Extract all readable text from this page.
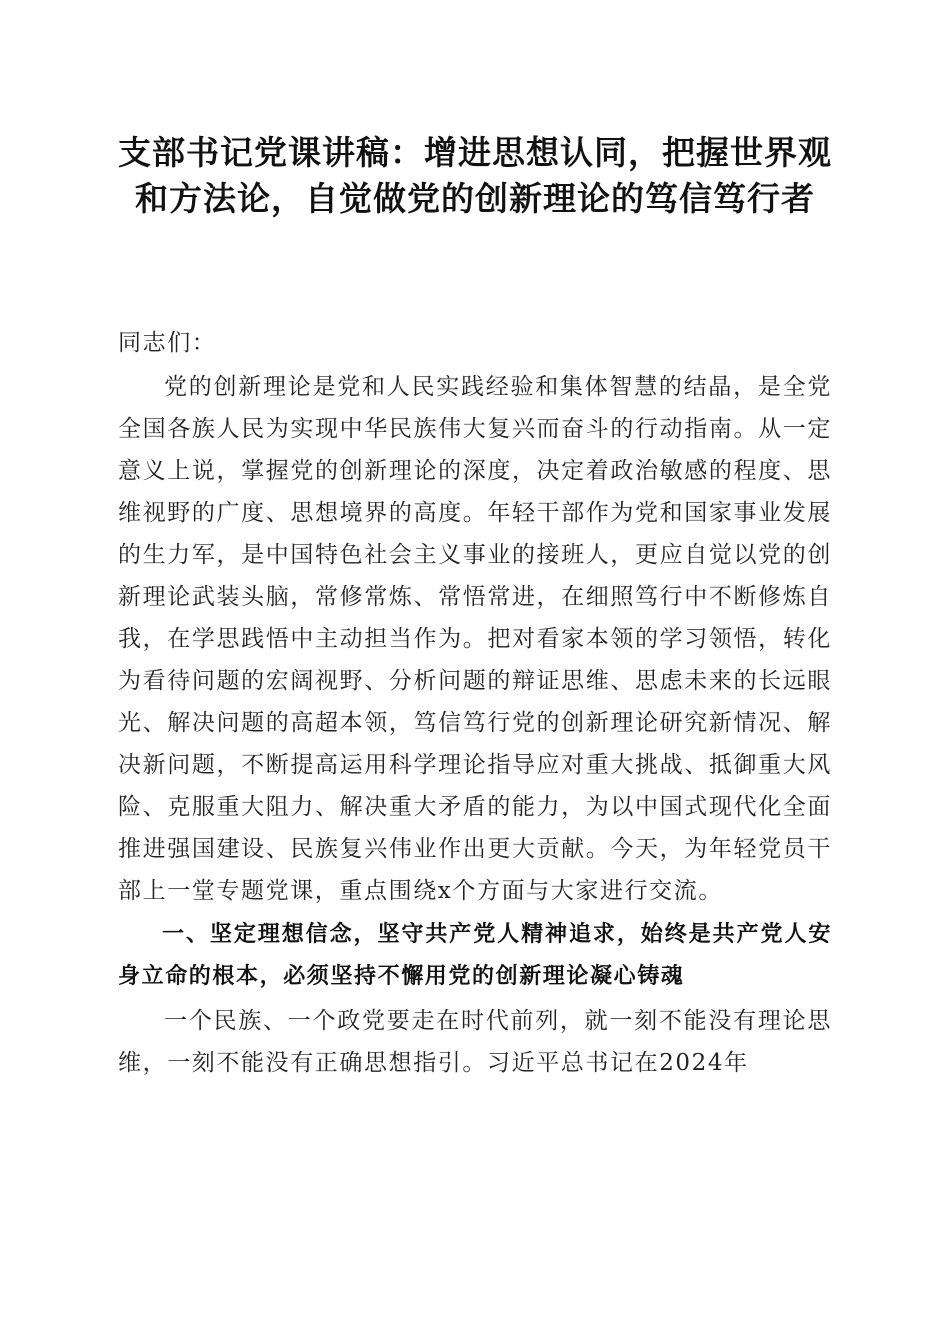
支部书记党课讲稿：增进思想认同，把握世界观和方法论，自觉做党的创新理论的笃信笃行者

同志们：

党的创新理论是党和人民实践经验和集体智慧的结晶，是全党全国各族人民为实现中华民族伟大复兴而奋斗的行动指南。从一定意义上说，掌握党的创新理论的深度，决定着政治敏感的程度、思维视野的广度、思想境界的高度。年轻干部作为党和国家事业发展的生力军，是中国特色社会主义事业的接班人，更应自觉以党的创新理论武装头脑，常修常炼、常悟常进，在细照笃行中不断修炼自我，在学思践悟中主动担当作为。把对看家本领的学习领悟，转化为看待问题的宏阔视野、分析问题的辩证思维、思虑未来的长远眼光、解决问题的高超本领，笃信笃行党的创新理论研究新情况、解决新问题，不断提高运用科学理论指导应对重大挑战、抵御重大风险、克服重大阻力、解决重大矛盾的能力，为以中国式现代化全面推进强国建设、民族复兴伟业作出更大贡献。今天，为年轻党员干部上一堂专题党课，重点围绕x个方面与大家进行交流。

一、坚定理想信念，坚守共产党人精神追求，始终是共产党人安身立命的根本，必须坚持不懈用党的创新理论凝心铸魂

一个民族、一个政党要走在时代前列，就一刻不能没有理论思维，一刻不能没有正确思想指引。习近平总书记在2024年
